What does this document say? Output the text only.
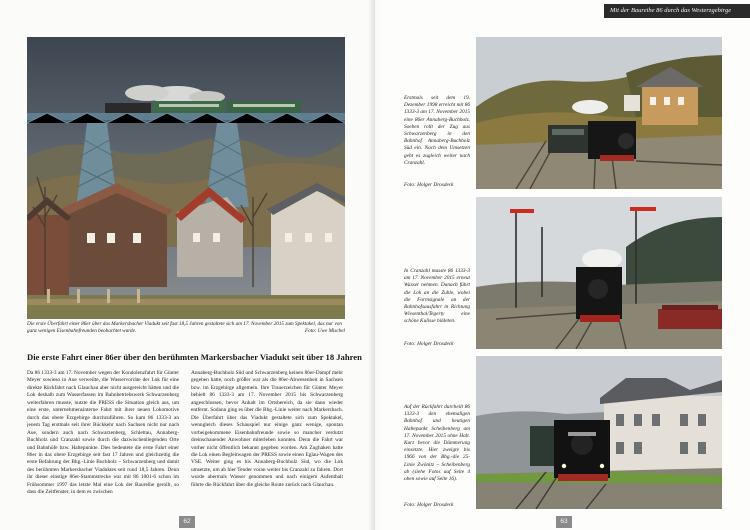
Mit der Baureihe 86 durch das Westerzgebirge
Die erste Überfahrt einer 86er über das Markersbacher Viadukt seit fast 18,5 Jahren gestaltete sich am 17. November 2015 zum Spektakel, das nur von ganz wenigen Eisenbahnfreunden beobachtet wurde.	Foto: Uwe Mischel
Erstmals seit dem 19. Dezember 1998 erreicht mit 86 1333-3 am 17. November 2015 eine 86er Annaberg-Buchholz. Soeben rollt der Zug aus Schwarzenberg in den Bahnhof Annaberg-Buchholz Süd ein. Nach dem Umsetzen geht es zugleich weiter nach Cranzahl.
Foto: Holger Drosdeck
In Cranzahl musste 86 1333-3 am 17. November 2015 erneut Wasser nehmen. Danach führt die Lok an die Zuhle, wobei die Formsignale an der Bahnhofsausfahrt in Richtung Wiesenthal/Tegerty eine schöne Kulisse bildeten.
Foto: Holger Drosdeck
Auf der Rückfahrt durcheilt 86 1333-3 den ehemaligen Bahnhof und heutigen Haltepunkt Scheibenberg am 17. November 2015 ohne Halt. Kurz bevor die Dämmerung einsetzte. Hier zweigte bis 1966 von der Bhg.-die 25-Linie Zwönitz – Scheibenberg ab (siehe Fotos auf Seite 4 oben sowie auf Seite 16).
Foto: Holger Drosdeck
Die erste Fahrt einer 86er über den berühmten Markersbacher Viadukt seit über 18 Jahren
Da 86 1333-3 am 17. November wegen der Kondolenzfahrt für Günter Meyer sowieso in Aue verweilte, die Wasservorräte der Lok für eine direkte Rückfahrt nach Glauchau aber nicht ausgereicht hätten und die Lok deshalb zum Wasserfassen im Bahnbetriebswerk Schwarzenberg weiterfahren musste, nutzte die PRESS die Situation gleich aus, um eine erste, unternehmensinterne Fahrt mit ihrer neuen Lokomotive durch das obere Erzgebirge durchzuführen. So kam 86 1333-3 an jenem Tag erstmals seit ihrer Rückkehr nach Sachsen nicht nur nach Aue, sondern auch nach Schwarzenberg, Schlettau, Annaberg-Buchholz und Cranzahl sowie durch die dazwischenliegenden Orte und Bahnhöfe bzw. Haltepunkte. Dies bedeutete die erste Fahrt einer 86er in das obere Erzgebirge seit fast 17 Jahren und gleichzeitig die erste Befahrung der Bhg.-Linie Buchholz – Schwarzenberg und damit des berühmten Markersbacher Viaduktes seit rund 18,5 Jahren. Denn ihr dieser einstige 86er-Stammstrecke war mit 86 1001-6 schon im Frühsommer 1997 das letzte Mal eine Lok der Baureihe gerollt, so dass die Zeitfenster, in dem es zwischen
Annaberg-Buchholz Süd und Schwarzenberg keinen 86er-Dampf mehr gegeben hatte, noch größer war als die 86er-Abwesenheit in Sachsen bzw. im Erzgebirge allgemein. Ihre Trauerzeichen für Günter Meyer behielt 86 1333-3 am 17. November 2015 bis Schwarzenberg angeschlossen, bevor Anhalt im Ortsbereich, da sie dann wieder entfernt. Sodann ging es über die Bhg.-Linie weiter nach Markersbach. Die Überfahrt über das Viadukt gestaltete sich zum Spektakel, wenngleich dieses Schauspiel nur einige ganz wenige, spontan vorbeigekommene Eisenbahnfreunde sowie so mancher verdutzt dreinschauender Anwohner miterleben konnten. Denn die Fahrt war vorher nicht öffentlich bekannt gegeben worden. Am Zughaken hatte die Lok einen Begleitwagen der PRESS sowie einen Eglau-Wagen des VSE. Weiter ging es bis Annaberg-Buchholz Süd, wo die Lok umsetzte, um ab hier Tender voran weiter bis Cranzahl zu fahren. Dort wurde abermals Wasser genommen und nach einigem Aufenthalt führte die Rückfahrt über die gleiche Route zurück nach Glauchau.
62	63
